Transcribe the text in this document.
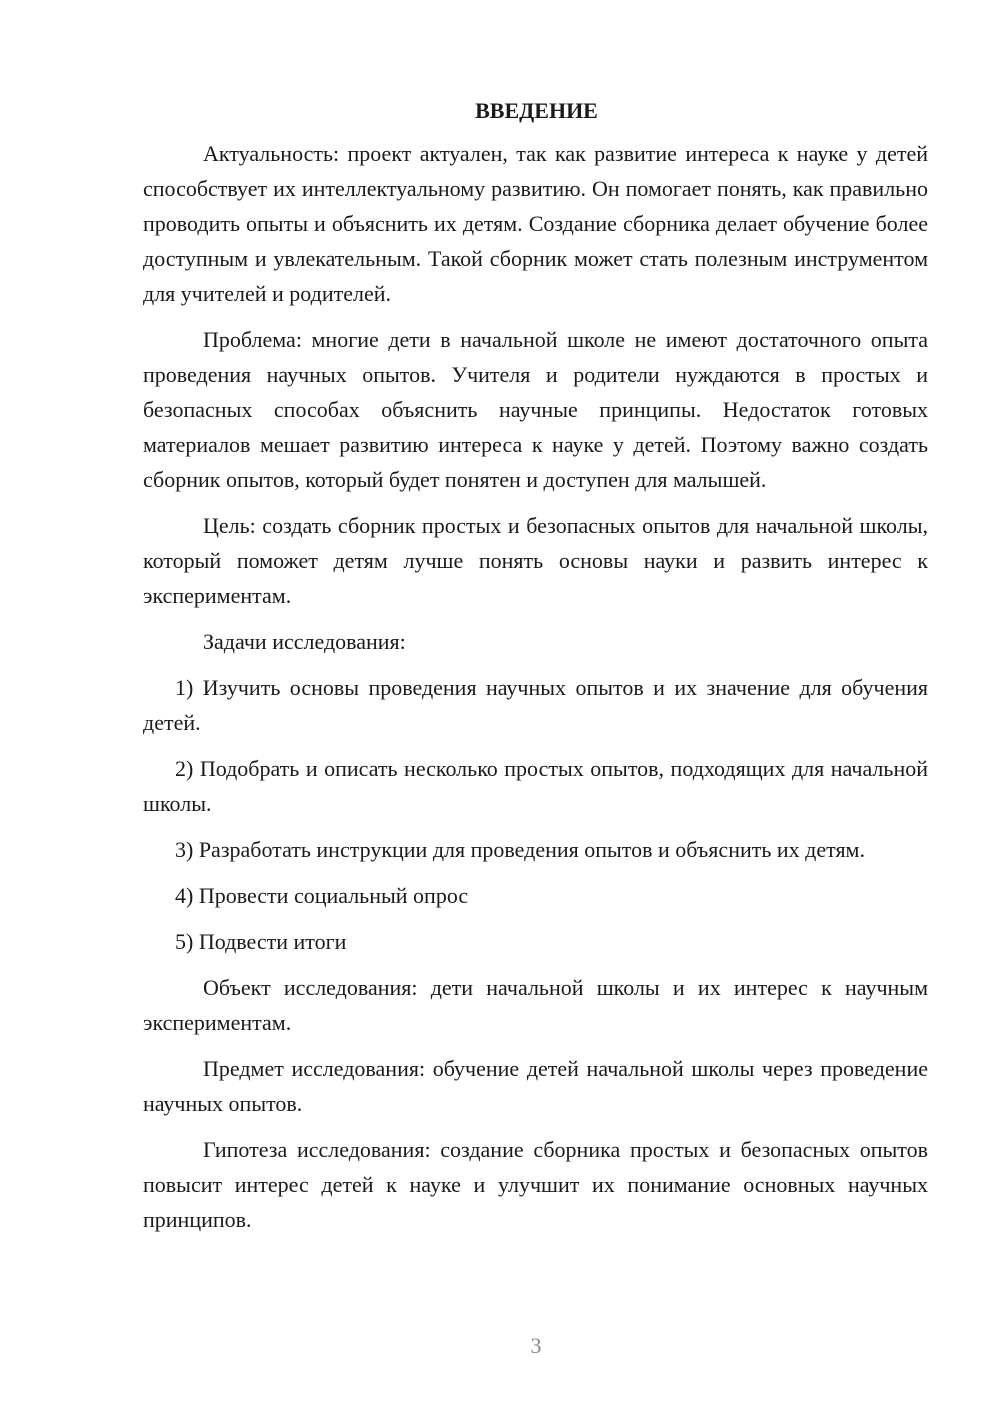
ВВЕДЕНИЕ

Актуальность: проект актуален, так как развитие интереса к науке у детей способствует их интеллектуальному развитию. Он помогает понять, как правильно проводить опыты и объяснить их детям. Создание сборника делает обучение более доступным и увлекательным. Такой сборник может стать полезным инструментом для учителей и родителей.

Проблема: многие дети в начальной школе не имеют достаточного опыта проведения научных опытов. Учителя и родители нуждаются в простых и безопасных способах объяснить научные принципы. Недостаток готовых материалов мешает развитию интереса к науке у детей. Поэтому важно создать сборник опытов, который будет понятен и доступен для малышей.

Цель: создать сборник простых и безопасных опытов для начальной школы, который поможет детям лучше понять основы науки и развить интерес к экспериментам.

Задачи исследования:

1) Изучить основы проведения научных опытов и их значение для обучения детей.

2) Подобрать и описать несколько простых опытов, подходящих для начальной школы.

3) Разработать инструкции для проведения опытов и объяснить их детям.

4) Провести социальный опрос

5) Подвести итоги

Объект исследования: дети начальной школы и их интерес к научным экспериментам.

Предмет исследования: обучение детей начальной школы через проведение научных опытов.

Гипотеза исследования: создание сборника простых и безопасных опытов повысит интерес детей к науке и улучшит их понимание основных научных принципов.

3
